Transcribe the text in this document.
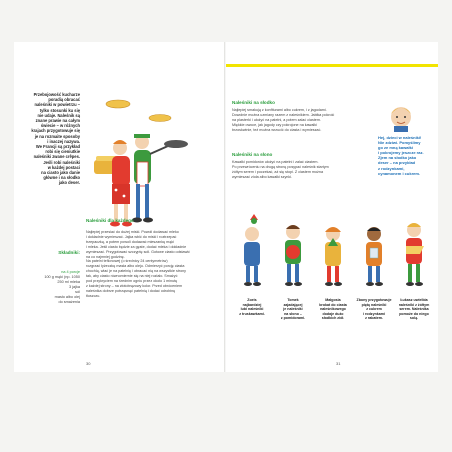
Przebojowość kucharze
poradią obracać
naleśniki w powietrzu –
tylko stosunki ku się
nie udaje. Naleśnik są
znane prawie na całym
świecie – w różnych
krajach przygotowuje się
je na rozmaite sposoby
i inaczej nazywa.
We Francji są przykład
robi się cieniutkie
naleśniki zwane crêpes.
Jeśli robi naleśniki
w każdej postaci
na ciasto jako danie
główne i na słodko
jako deser.
Składniki:
na 4 porcje
100 g mąki (np. 1050
250 ml mleka
3 jajka
sól
masło albo olej
do smażenia
Naleśniki dla każdego
Najlepiej przesiać do dużej miski. Powoli dodawać mleko
i dokładnie wymieszać. Jajka wbić do miski i roztrzepać
trzepaczką, a potem powoli dodawać mieszankę mąki
i mleka. Jeśli ciasto będzie za gęste, dodać mleka i dokładnie
wymieszać. Przygotować szczyptę soli. Gotowe ciasto odstawić
na co najmniej godzinę.
Na patelni teflonowej (o średnicy 24 centymetrów)
rozgrzać łyżeczkę masła albo oleju. Odmierzyć porcję ciasta
chochlą, wlać je na patelnię i obracać nią na wszystkie strony
tak, aby ciasto równomiernie się na niej rozlało. Smażyć
pod przykryciem na średnim ogniu przez około 1 minutę
z każdej strony – na złotobrązowy kolor. Przed obróceniem
naleśnika dobrze potrząsnąć patelnią i dodać odrobinę
tłuszczu.
30
Naleśniki na słodko
Najlepiej smakują z konfiturami albo cukrem, i z jagodami.
Dowolnie można uzmiany razem z naleśnikiem. Jabłka pokroić
na plasterki i ułożyć na patelni, a potem zalać ciastem.
Miękkie owoce, jak jagody czy pokrojone na kawałki
brzoskwinie, też można wrzucić do ciasta i wymieszać.
Naleśniki na słono
Kawałki pomidorów ułożyć na patelni i zalać ciastem.
Po przewróceniu na drugą stronę posypać naleśnik startym
żółtym serem i poczekać, aż się stopi. Z ciastem można
wymieszać zioła albo kawałki szynki.
Hej, dzieci w naleśniki!
Nie zdziwi. Pomyślimy
go ze mną kawałki
i pokrojemy jeszcze raz.
Zjem na słodko jako
deser – na przykład
z rodzynkami,
cynamonem i cukrem.
Zoeis
najbardziej
lubi naleśniki
z truskawkami.
Tomek
zajadającej
je naleśniki
na słono –
z pomidorami.
Małgosia
brokat do ciasta
naleśnikowego
dodaje dużo
słodkich ziół.
Zbony przygotowuje
piętę naleśniki
z cukrem
i rodzynkami
z rabatem.
Łukasz uwielbia
naleśniki z żółtym
serem. Naleśnika
pomoże do niego
solą.
31
